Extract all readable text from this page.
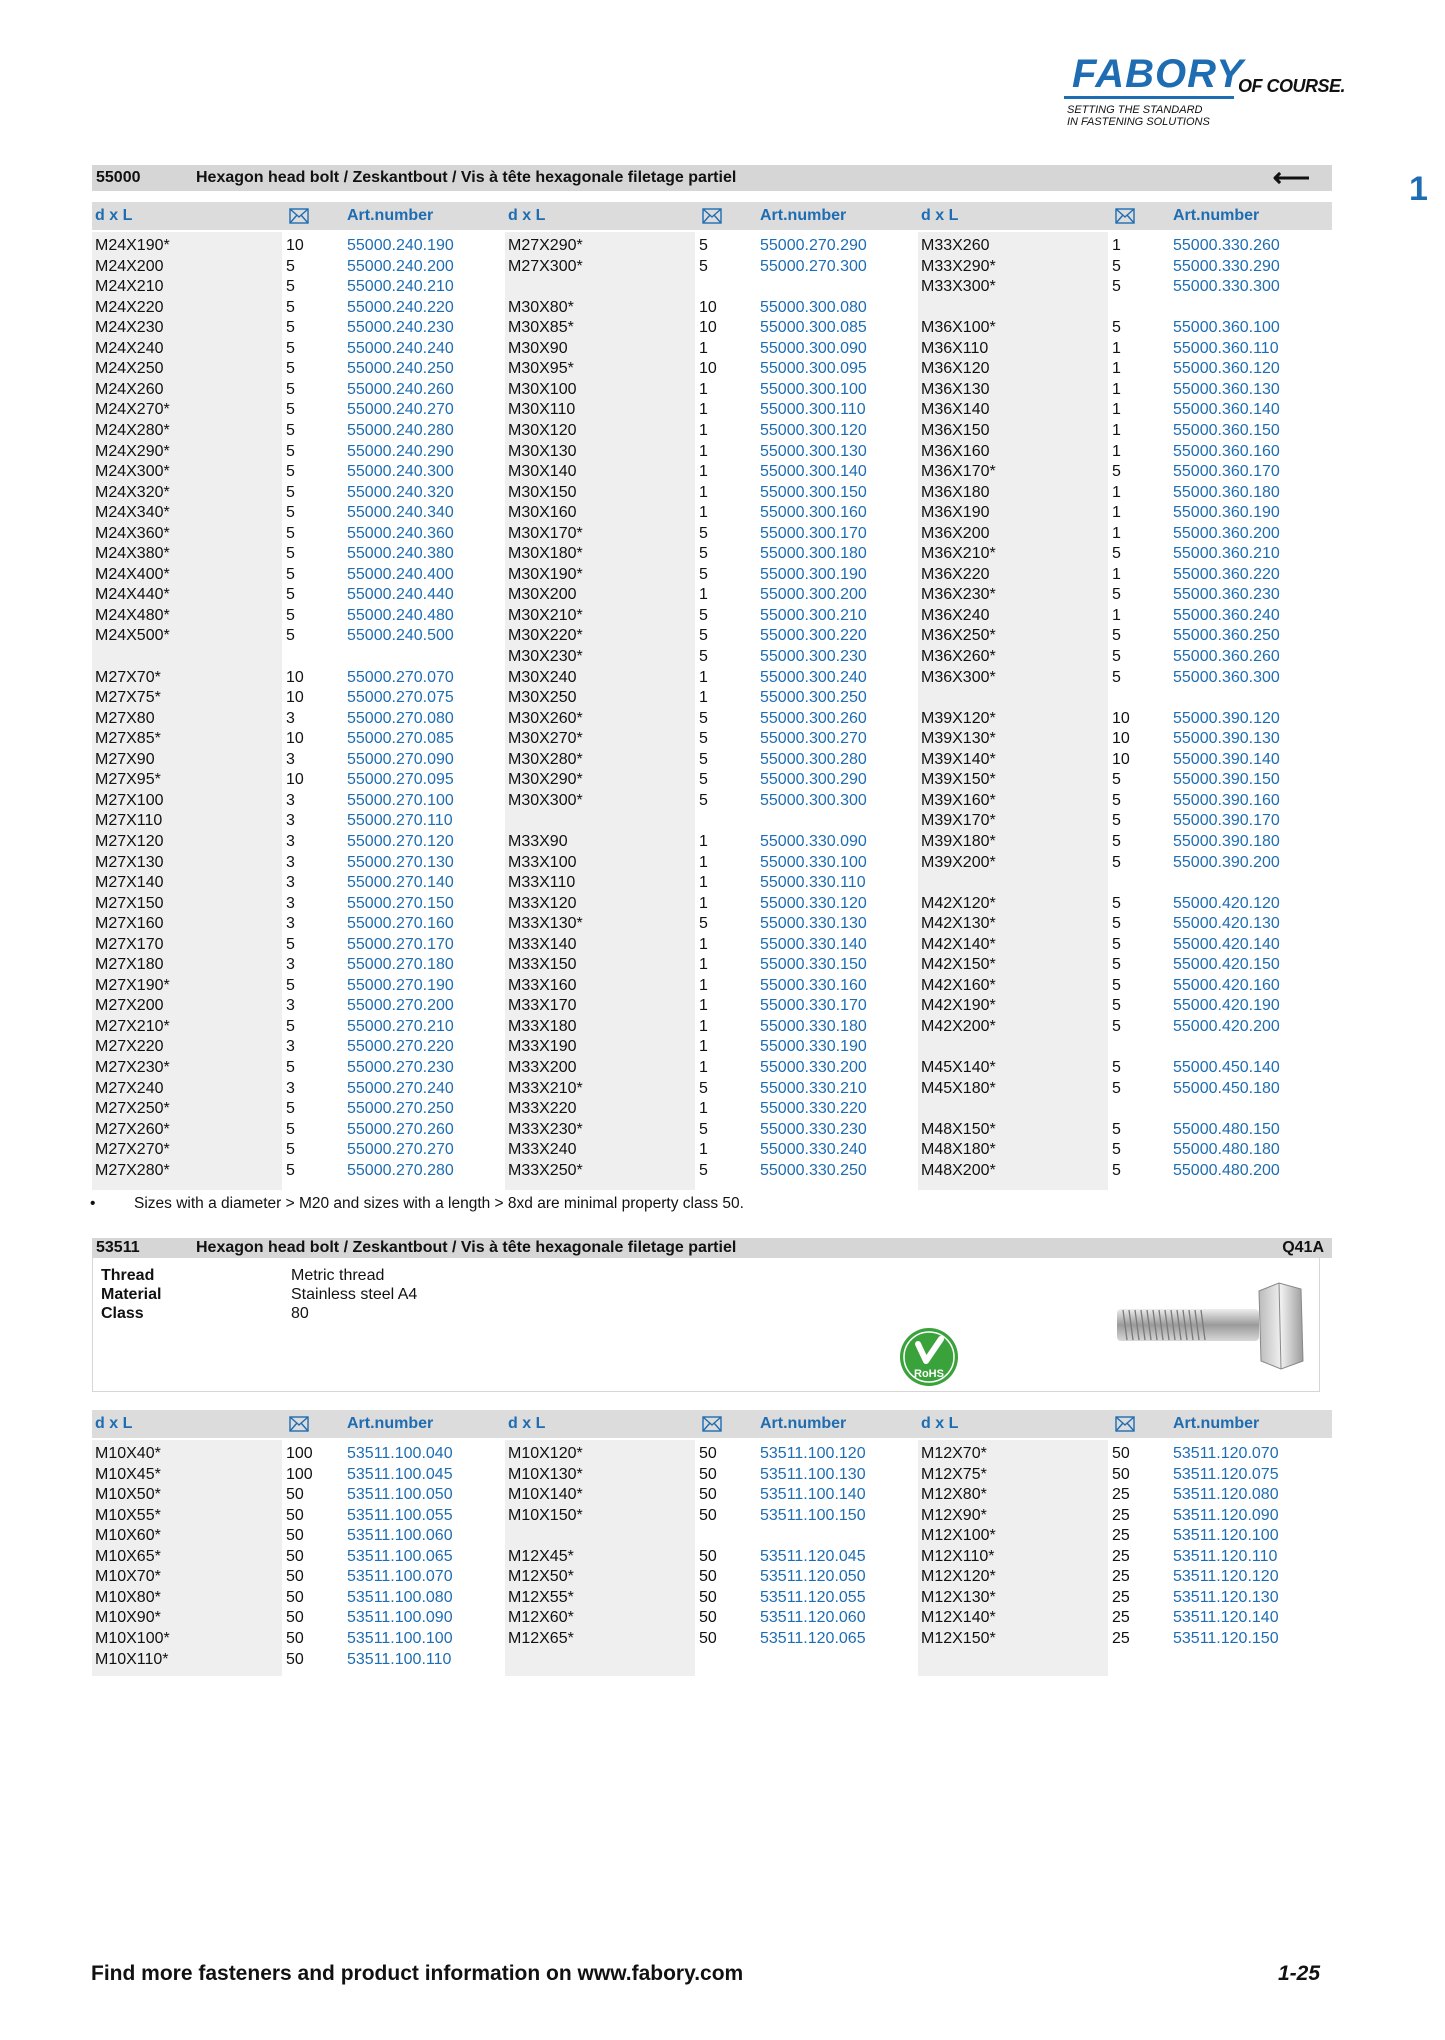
FABORY
OF COURSE.
SETTING THE STANDARD
IN FASTENING SOLUTIONS
1
55000	Hexagon head bolt / Zeskantbout / Vis à tête hexagonale filetage partiel	⟵
d x L	Art.number	d x L	Art.number	d x L	Art.number
M24X190*	10	55000.240.190
M24X200	5	55000.240.200
M24X210	5	55000.240.210
M24X220	5	55000.240.220
M24X230	5	55000.240.230
M24X240	5	55000.240.240
M24X250	5	55000.240.250
M24X260	5	55000.240.260
M24X270*	5	55000.240.270
M24X280*	5	55000.240.280
M24X290*	5	55000.240.290
M24X300*	5	55000.240.300
M24X320*	5	55000.240.320
M24X340*	5	55000.240.340
M24X360*	5	55000.240.360
M24X380*	5	55000.240.380
M24X400*	5	55000.240.400
M24X440*	5	55000.240.440
M24X480*	5	55000.240.480
M24X500*	5	55000.240.500
M27X70*	10	55000.270.070
M27X75*	10	55000.270.075
M27X80	3	55000.270.080
M27X85*	10	55000.270.085
M27X90	3	55000.270.090
M27X95*	10	55000.270.095
M27X100	3	55000.270.100
M27X110	3	55000.270.110
M27X120	3	55000.270.120
M27X130	3	55000.270.130
M27X140	3	55000.270.140
M27X150	3	55000.270.150
M27X160	3	55000.270.160
M27X170	5	55000.270.170
M27X180	3	55000.270.180
M27X190*	5	55000.270.190
M27X200	3	55000.270.200
M27X210*	5	55000.270.210
M27X220	3	55000.270.220
M27X230*	5	55000.270.230
M27X240	3	55000.270.240
M27X250*	5	55000.270.250
M27X260*	5	55000.270.260
M27X270*	5	55000.270.270
M27X280*	5	55000.270.280
M27X290*	5	55000.270.290
M27X300*	5	55000.270.300
M30X80*	10	55000.300.080
M30X85*	10	55000.300.085
M30X90	1	55000.300.090
M30X95*	10	55000.300.095
M30X100	1	55000.300.100
M30X110	1	55000.300.110
M30X120	1	55000.300.120
M30X130	1	55000.300.130
M30X140	1	55000.300.140
M30X150	1	55000.300.150
M30X160	1	55000.300.160
M30X170*	5	55000.300.170
M30X180*	5	55000.300.180
M30X190*	5	55000.300.190
M30X200	1	55000.300.200
M30X210*	5	55000.300.210
M30X220*	5	55000.300.220
M30X230*	5	55000.300.230
M30X240	1	55000.300.240
M30X250	1	55000.300.250
M30X260*	5	55000.300.260
M30X270*	5	55000.300.270
M30X280*	5	55000.300.280
M30X290*	5	55000.300.290
M30X300*	5	55000.300.300
M33X90	1	55000.330.090
M33X100	1	55000.330.100
M33X110	1	55000.330.110
M33X120	1	55000.330.120
M33X130*	5	55000.330.130
M33X140	1	55000.330.140
M33X150	1	55000.330.150
M33X160	1	55000.330.160
M33X170	1	55000.330.170
M33X180	1	55000.330.180
M33X190	1	55000.330.190
M33X200	1	55000.330.200
M33X210*	5	55000.330.210
M33X220	1	55000.330.220
M33X230*	5	55000.330.230
M33X240	1	55000.330.240
M33X250*	5	55000.330.250
M33X260	1	55000.330.260
M33X290*	5	55000.330.290
M33X300*	5	55000.330.300
M36X100*	5	55000.360.100
M36X110	1	55000.360.110
M36X120	1	55000.360.120
M36X130	1	55000.360.130
M36X140	1	55000.360.140
M36X150	1	55000.360.150
M36X160	1	55000.360.160
M36X170*	5	55000.360.170
M36X180	1	55000.360.180
M36X190	1	55000.360.190
M36X200	1	55000.360.200
M36X210*	5	55000.360.210
M36X220	1	55000.360.220
M36X230*	5	55000.360.230
M36X240	1	55000.360.240
M36X250*	5	55000.360.250
M36X260*	5	55000.360.260
M36X300*	5	55000.360.300
M39X120*	10	55000.390.120
M39X130*	10	55000.390.130
M39X140*	10	55000.390.140
M39X150*	5	55000.390.150
M39X160*	5	55000.390.160
M39X170*	5	55000.390.170
M39X180*	5	55000.390.180
M39X200*	5	55000.390.200
M42X120*	5	55000.420.120
M42X130*	5	55000.420.130
M42X140*	5	55000.420.140
M42X150*	5	55000.420.150
M42X160*	5	55000.420.160
M42X190*	5	55000.420.190
M42X200*	5	55000.420.200
M45X140*	5	55000.450.140
M45X180*	5	55000.450.180
M48X150*	5	55000.480.150
M48X180*	5	55000.480.180
M48X200*	5	55000.480.200
• Sizes with a diameter > M20 and sizes with a length > 8xd are minimal property class 50.
53511	Hexagon head bolt / Zeskantbout / Vis à tête hexagonale filetage partiel	Q41A
Thread	Metric thread
Material	Stainless steel A4
Class	80
RoHS
d x L	Art.number	d x L	Art.number	d x L	Art.number
M10X40*	100 53511.100.040
M10X45*	100 53511.100.045
M10X50*	50	53511.100.050
M10X55*	50	53511.100.055
M10X60*	50	53511.100.060
M10X65*	50	53511.100.065
M10X70*	50	53511.100.070
M10X80*	50	53511.100.080
M10X90*	50	53511.100.090
M10X100*	50	53511.100.100
M10X110*	50	53511.100.110
M10X120*	50	53511.100.120
M10X130*	50	53511.100.130
M10X140*	50	53511.100.140
M10X150*	50	53511.100.150
M12X45*	50	53511.120.045
M12X50*	50	53511.120.050
M12X55*	50	53511.120.055
M12X60*	50	53511.120.060
M12X65*	50	53511.120.065
M12X70*	50	53511.120.070
M12X75*	50	53511.120.075
M12X80*	25	53511.120.080
M12X90*	25	53511.120.090
M12X100*	25	53511.120.100
M12X110*	25	53511.120.110
M12X120*	25	53511.120.120
M12X130*	25	53511.120.130
M12X140*	25	53511.120.140
M12X150*	25	53511.120.150
Find more fasteners and product information on www.fabory.com	1-25
